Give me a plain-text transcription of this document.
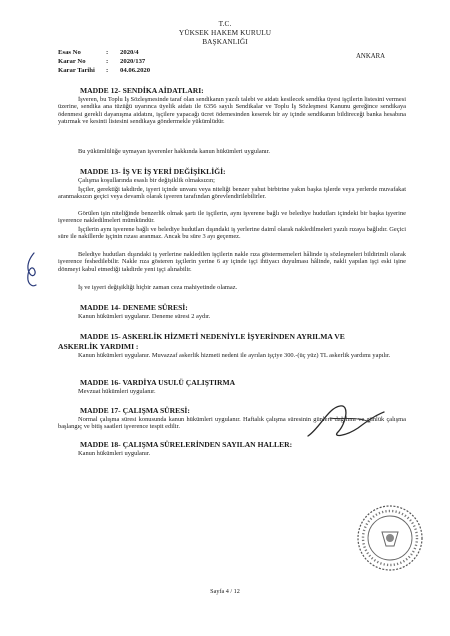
T.C.
YÜKSEK HAKEM KURULU
BAŞKANLIĞI
Esas No	: 2020/4
Karar No	: 2020/137
Karar Tarihi : 04.06.2020
ANKARA
MADDE 12- SENDİKA AİDATLARI:
İşveren, bu Toplu İş Sözleşmesinde taraf olan sendikanın yazılı talebi ve aidatı kesilecek sendika üyesi işçilerin listesini vermesi üzerine, sendika ana tüzüğü uyarınca üyelik aidatı ile 6356 sayılı Sendikalar ve Toplu İş Sözleşmesi Kanunu gereğince sendikaya ödenmesi gerekli dayanışma aidatını, işçilere yapacağı ücret ödemesinden keserek bir ay içinde sendikanın bildireceği banka hesabına yatırmak ve kesinti listesini sendikaya göndermekle yükümlüdür.
Bu yükümlülüğe uymayan işverenler hakkında kanun hükümleri uygulanır.
MADDE 13- İŞ VE İŞ YERİ DEĞİŞİKLİĞİ:
Çalışma koşullarında esaslı bir değişiklik olmaksızın;
İşçiler, gerektiği takdirde, işyeri içinde unvanı veya niteliği benzer yahut birbirine yakın başka işlerde veya yerlerde muvafakat aranmaksızın geçici veya devamlı olarak işveren tarafından görevlendirilebilirler.
Görülen işin niteliğinde benzerlik olmak şartı ile işçilerin, aynı işverene bağlı ve belediye hudutları içindeki bir başka işyerine işverence nakledilmeleri mümkündür.
İşçilerin aynı işverene bağlı ve belediye hudutları dışındaki iş yerlerine daimî olarak nakledilmeleri yazılı rızaya bağlıdır. Geçici süre ile nakillerde işçinin rızası aranmaz. Ancak bu süre 3 ayı geçemez.
Belediye hudutları dışındaki iş yerlerine nakledilen işçilerin nakle rıza göstermemeleri hâlinde iş sözleşmeleri bildirimli olarak işverence feshedilebilir. Nakle rıza gösteren işçilerin yerine 6 ay içinde işçi ihtiyacı duyulması hâlinde, nakli yapılan işçi eski işine dönmeyi kabul etmediği takdirde yeni işçi alınabilir.
İş ve işyeri değişikliği hiçbir zaman ceza mahiyetinde olamaz.
MADDE 14- DENEME SÜRESİ:
Kanun hükümleri uygulanır. Deneme süresi 2 aydır.
MADDE 15- ASKERLİK HİZMETİ NEDENİYLE İŞYERİNDEN AYRILMA VE
ASKERLİK YARDIMI :
Kanun hükümleri uygulanır. Muvazzaf askerlik hizmeti nedeni ile ayrılan işçiye 300.-(üç yüz) TL askerlik yardımı yapılır.
MADDE 16- VARDİYA USULÜ ÇALIŞTIRMA
Mevzuat hükümleri uygulanır.
MADDE 17- ÇALIŞMA SÜRESİ:
Normal çalışma süresi konusunda kanun hükümleri uygulanır. Haftalık çalışma süresinin günlere dağılımı ve günlük çalışma başlangıç ve bitiş saatleri işverence tespit edilir.
MADDE 18- ÇALIŞMA SÜRELERİNDEN SAYILAN HALLER:
Kanun hükümleri uygulanır.
Sayfa 4 / 12
